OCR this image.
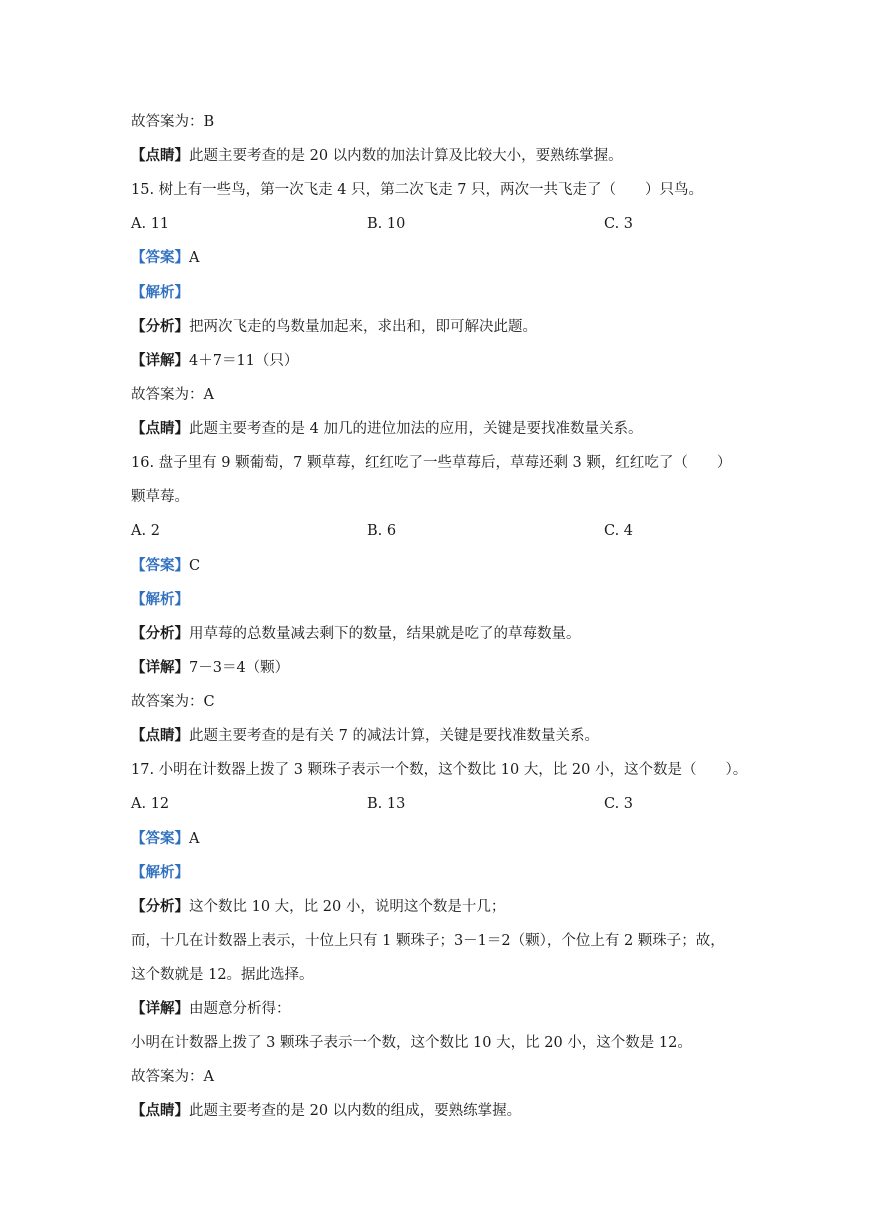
故答案为：B
【点睛】此题主要考查的是 20 以内数的加法计算及比较大小，要熟练掌握。
15. 树上有一些鸟，第一次飞走 4 只，第二次飞走 7 只，两次一共飞走了（　　）只鸟。
A. 11	B. 10	C. 3
【答案】A
【解析】
【分析】把两次飞走的鸟数量加起来，求出和，即可解决此题。
【详解】4＋7＝11（只）
故答案为：A
【点睛】此题主要考查的是 4 加几的进位加法的应用，关键是要找准数量关系。
16. 盘子里有 9 颗葡萄，7 颗草莓，红红吃了一些草莓后，草莓还剩 3 颗，红红吃了（　　）
颗草莓。
A. 2	B. 6	C. 4
【答案】C
【解析】
【分析】用草莓的总数量减去剩下的数量，结果就是吃了的草莓数量。
【详解】7－3＝4（颗）
故答案为：C
【点睛】此题主要考查的是有关 7 的减法计算，关键是要找准数量关系。
17. 小明在计数器上拨了 3 颗珠子表示一个数，这个数比 10 大，比 20 小，这个数是（　　）。
A. 12	B. 13	C. 3
【答案】A
【解析】
【分析】这个数比 10 大，比 20 小，说明这个数是十几；
而，十几在计数器上表示，十位上只有 1 颗珠子；3－1＝2（颗），个位上有 2 颗珠子；故，
这个数就是 12。据此选择。
【详解】由题意分析得：
小明在计数器上拨了 3 颗珠子表示一个数，这个数比 10 大，比 20 小，这个数是 12。
故答案为：A
【点睛】此题主要考查的是 20 以内数的组成，要熟练掌握。
